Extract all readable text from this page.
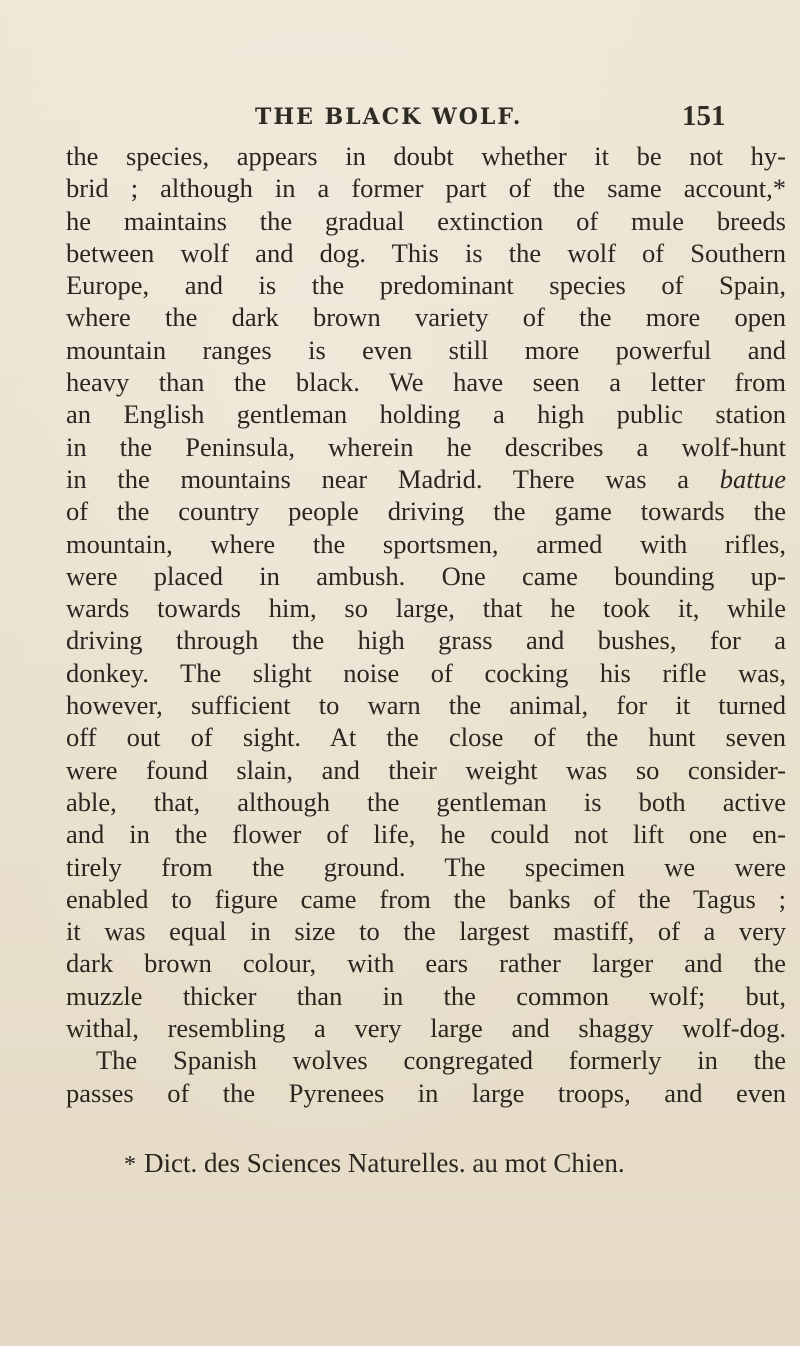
THE BLACK WOLF.	151
the species, appears in doubt whether it be not hy-
brid ; although in a former part of the same account,*
he maintains the gradual extinction of mule breeds
between wolf and dog. This is the wolf of Southern
Europe, and is the predominant species of Spain,
where the dark brown variety of the more open
mountain ranges is even still more powerful and
heavy than the black. We have seen a letter from
an English gentleman holding a high public station
in the Peninsula, wherein he describes a wolf-hunt
in the mountains near Madrid. There was a battue
of the country people driving the game towards the
mountain, where the sportsmen, armed with rifles,
were placed in ambush. One came bounding up-
wards towards him, so large, that he took it, while
driving through the high grass and bushes, for a
donkey. The slight noise of cocking his rifle was,
however, sufficient to warn the animal, for it turned
off out of sight. At the close of the hunt seven
were found slain, and their weight was so consider-
able, that, although the gentleman is both active
and in the flower of life, he could not lift one en-
tirely from the ground. The specimen we were
enabled to figure came from the banks of the Tagus ;
it was equal in size to the largest mastiff, of a very
dark brown colour, with ears rather larger and the
muzzle thicker than in the common wolf; but,
withal, resembling a very large and shaggy wolf-dog.
The Spanish wolves congregated formerly in the
passes of the Pyrenees in large troops, and even
* Dict. des Sciences Naturelles. au mot Chien.
